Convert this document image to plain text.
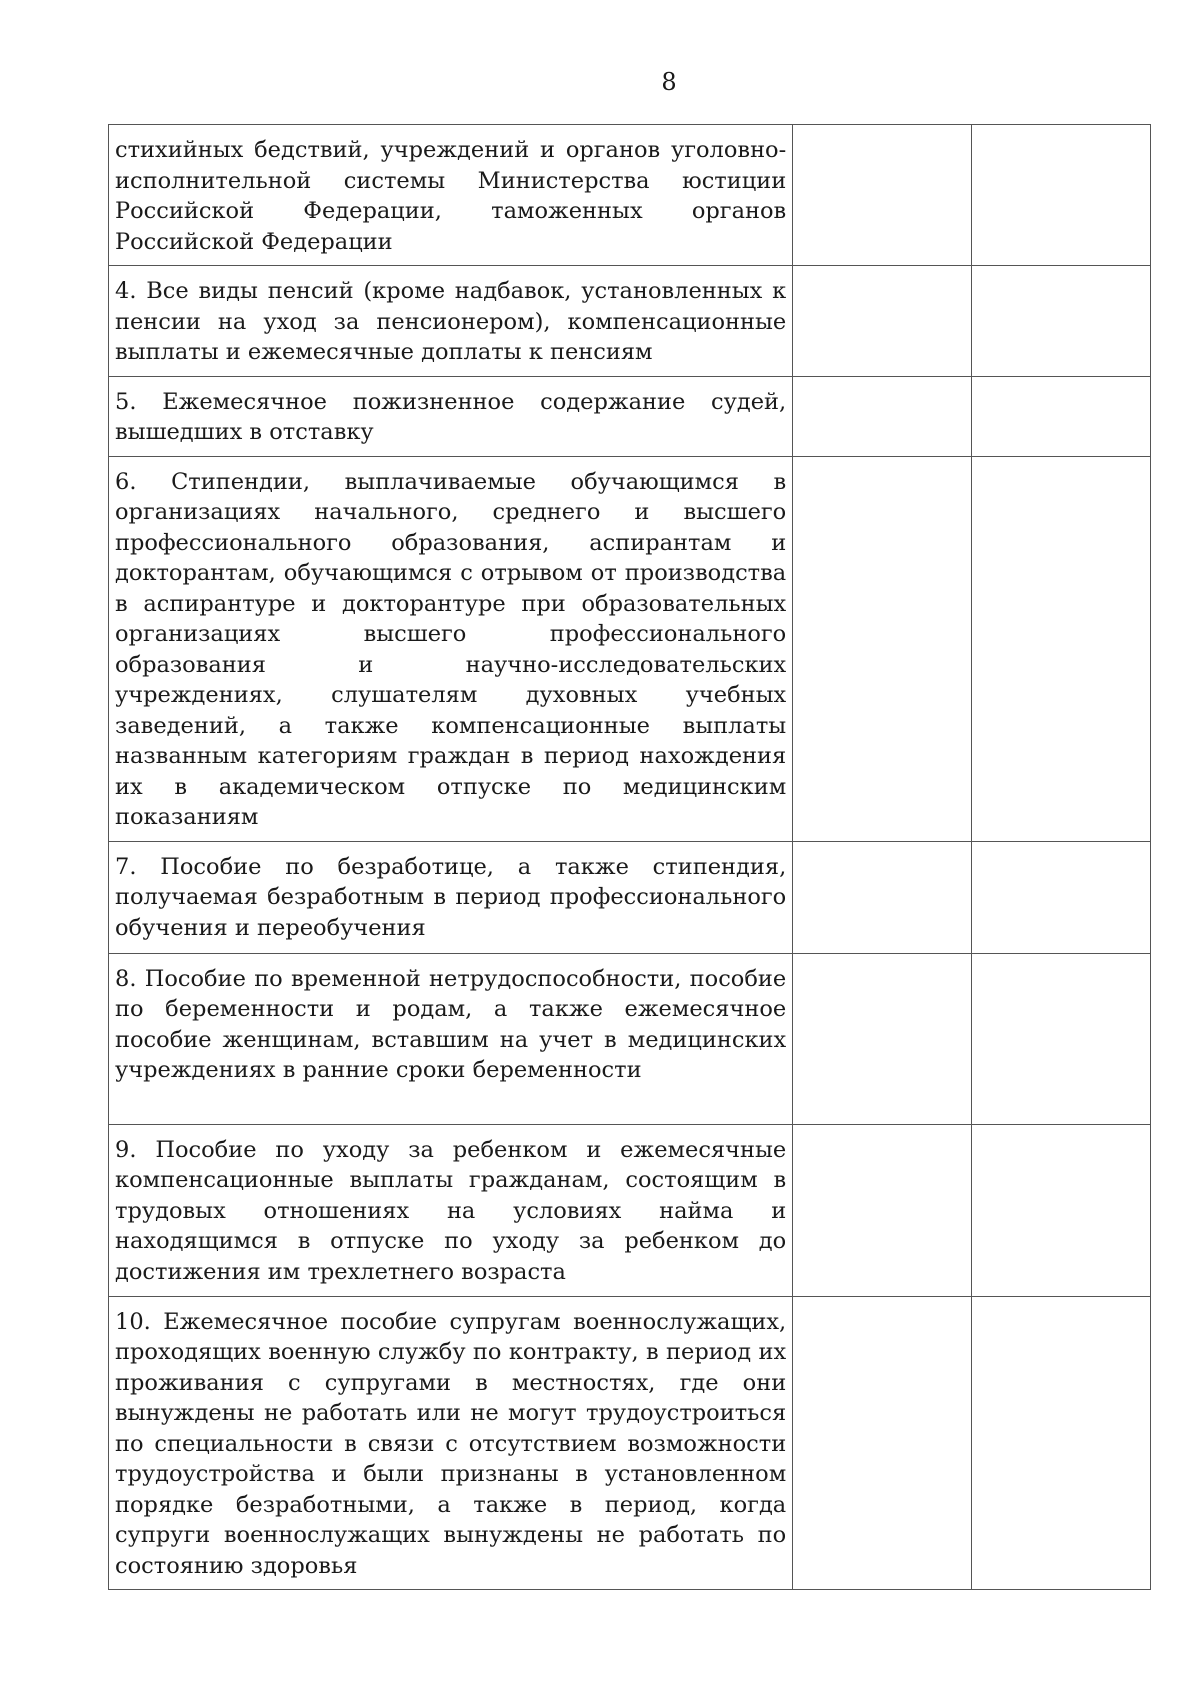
8
стихийных бедствий, учреждений и органов уголовно-исполнительной системы Министерства юстиции Российской Федерации, таможенных органов Российской Федерации		
4. Все виды пенсий (кроме надбавок, установленных к пенсии на уход за пенсионером), компенсационные выплаты и ежемесячные доплаты к пенсиям		
5. Ежемесячное пожизненное содержание судей, вышедших в отставку		
6. Стипендии, выплачиваемые обучающимся в организациях начального, среднего и высшего профессионального образования, аспирантам и докторантам, обучающимся с отрывом от производства в аспирантуре и докторантуре при образовательных организациях высшего профессионального образования и научно-исследовательских учреждениях, слушателям духовных учебных заведений, а также компенсационные выплаты названным категориям граждан в период нахождения их в академическом отпуске по медицинским показаниям		
7. Пособие по безработице, а также стипендия, получаемая безработным в период профессионального обучения и переобучения		
8. Пособие по временной нетрудоспособности, пособие по беременности и родам, а также ежемесячное пособие женщинам, вставшим на учет в медицинских учреждениях в ранние сроки беременности		
9. Пособие по уходу за ребенком и ежемесячные компенсационные выплаты гражданам, состоящим в трудовых отношениях на условиях найма и находящимся в отпуске по уходу за ребенком до достижения им трехлетнего возраста		
10. Ежемесячное пособие супругам военнослужащих, проходящих военную службу по контракту, в период их проживания с супругами в местностях, где они вынуждены не работать или не могут трудоустроиться по специальности в связи с отсутствием возможности трудоустройства и были признаны в установленном порядке безработными, а также в период, когда супруги военнослужащих вынуждены не работать по состоянию здоровья		
